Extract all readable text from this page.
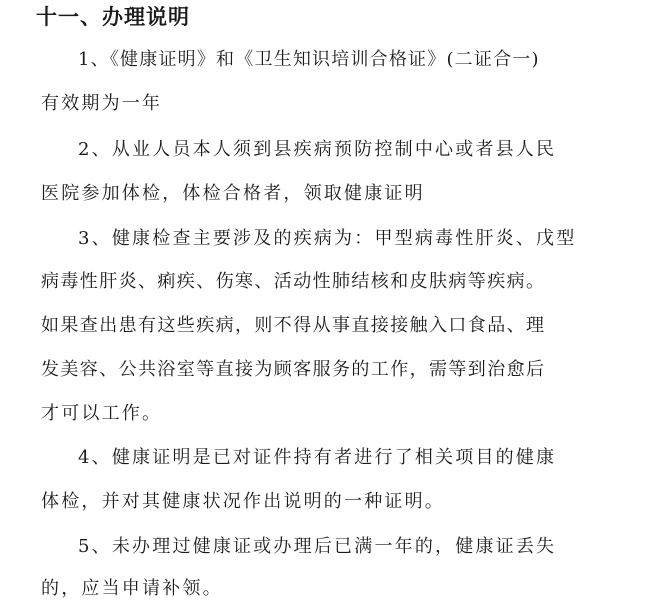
十一、办理说明

1、《健康证明》和《卫生知识培训合格证》(二证合一)

有效期为一年

2、从业人员本人须到县疾病预防控制中心或者县人民

医院参加体检，体检合格者，领取健康证明

3、健康检查主要涉及的疾病为：甲型病毒性肝炎、戊型

病毒性肝炎、痢疾、伤寒、活动性肺结核和皮肤病等疾病。

如果查出患有这些疾病，则不得从事直接接触入口食品、理

发美容、公共浴室等直接为顾客服务的工作，需等到治愈后

才可以工作。

4、健康证明是已对证件持有者进行了相关项目的健康

体检，并对其健康状况作出说明的一种证明。

5、未办理过健康证或办理后已满一年的，健康证丢失

的，应当申请补领。
